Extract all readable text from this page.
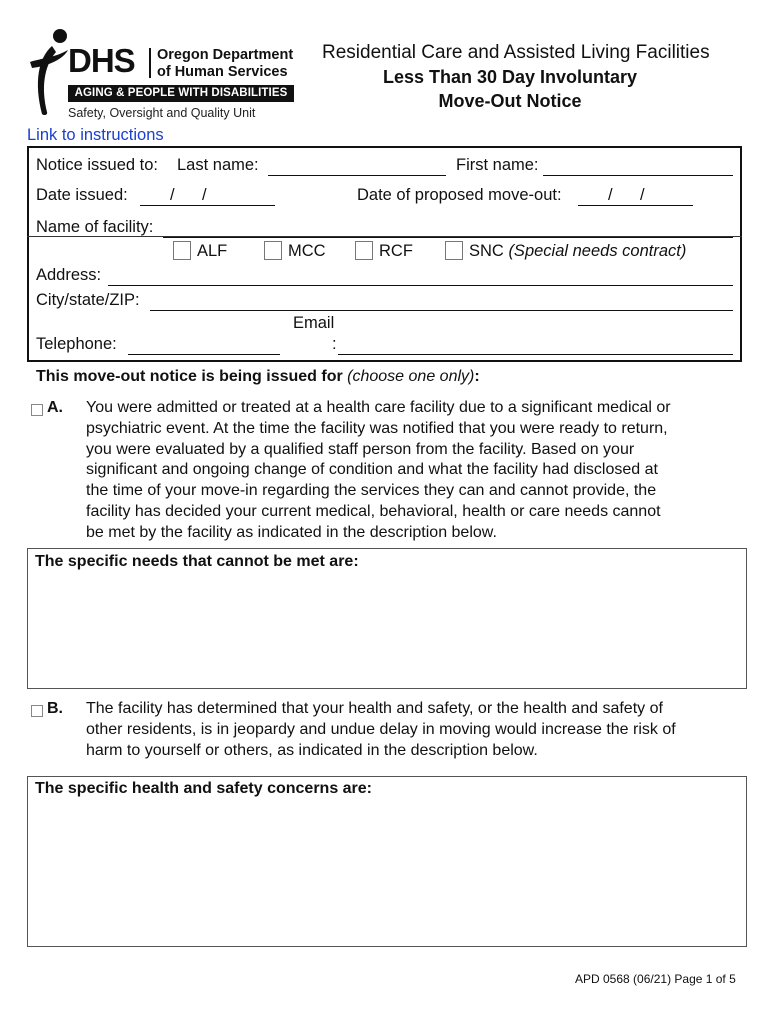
DHS Oregon Department
of Human Services
AGING & PEOPLE WITH DISABILITIES
Safety, Oversight and Quality Unit
Residential Care and Assisted Living Facilities
Less Than 30 Day Involuntary
Move-Out Notice
Link to instructions
Notice issued to: Last name:	First name:
Date issued:	/ /	Date of proposed move-out:	/ /
Name of facility:
ALF	MCC	RCF	SNC (Special needs contract)
Address:
City/state/ZIP:
Email
Telephone:	:
This move-out notice is being issued for (choose one only):
A. You were admitted or treated at a health care facility due to a significant medical or
psychiatric event. At the time the facility was notified that you were ready to return,
you were evaluated by a qualified staff person from the facility. Based on your
significant and ongoing change of condition and what the facility had disclosed at
the time of your move-in regarding the services they can and cannot provide, the
facility has decided your current medical, behavioral, health or care needs cannot
be met by the facility as indicated in the description below.
The specific needs that cannot be met are:
B. The facility has determined that your health and safety, or the health and safety of
other residents, is in jeopardy and undue delay in moving would increase the risk of
harm to yourself or others, as indicated in the description below.
The specific health and safety concerns are:
APD 0568 (06/21) Page 1 of 5
